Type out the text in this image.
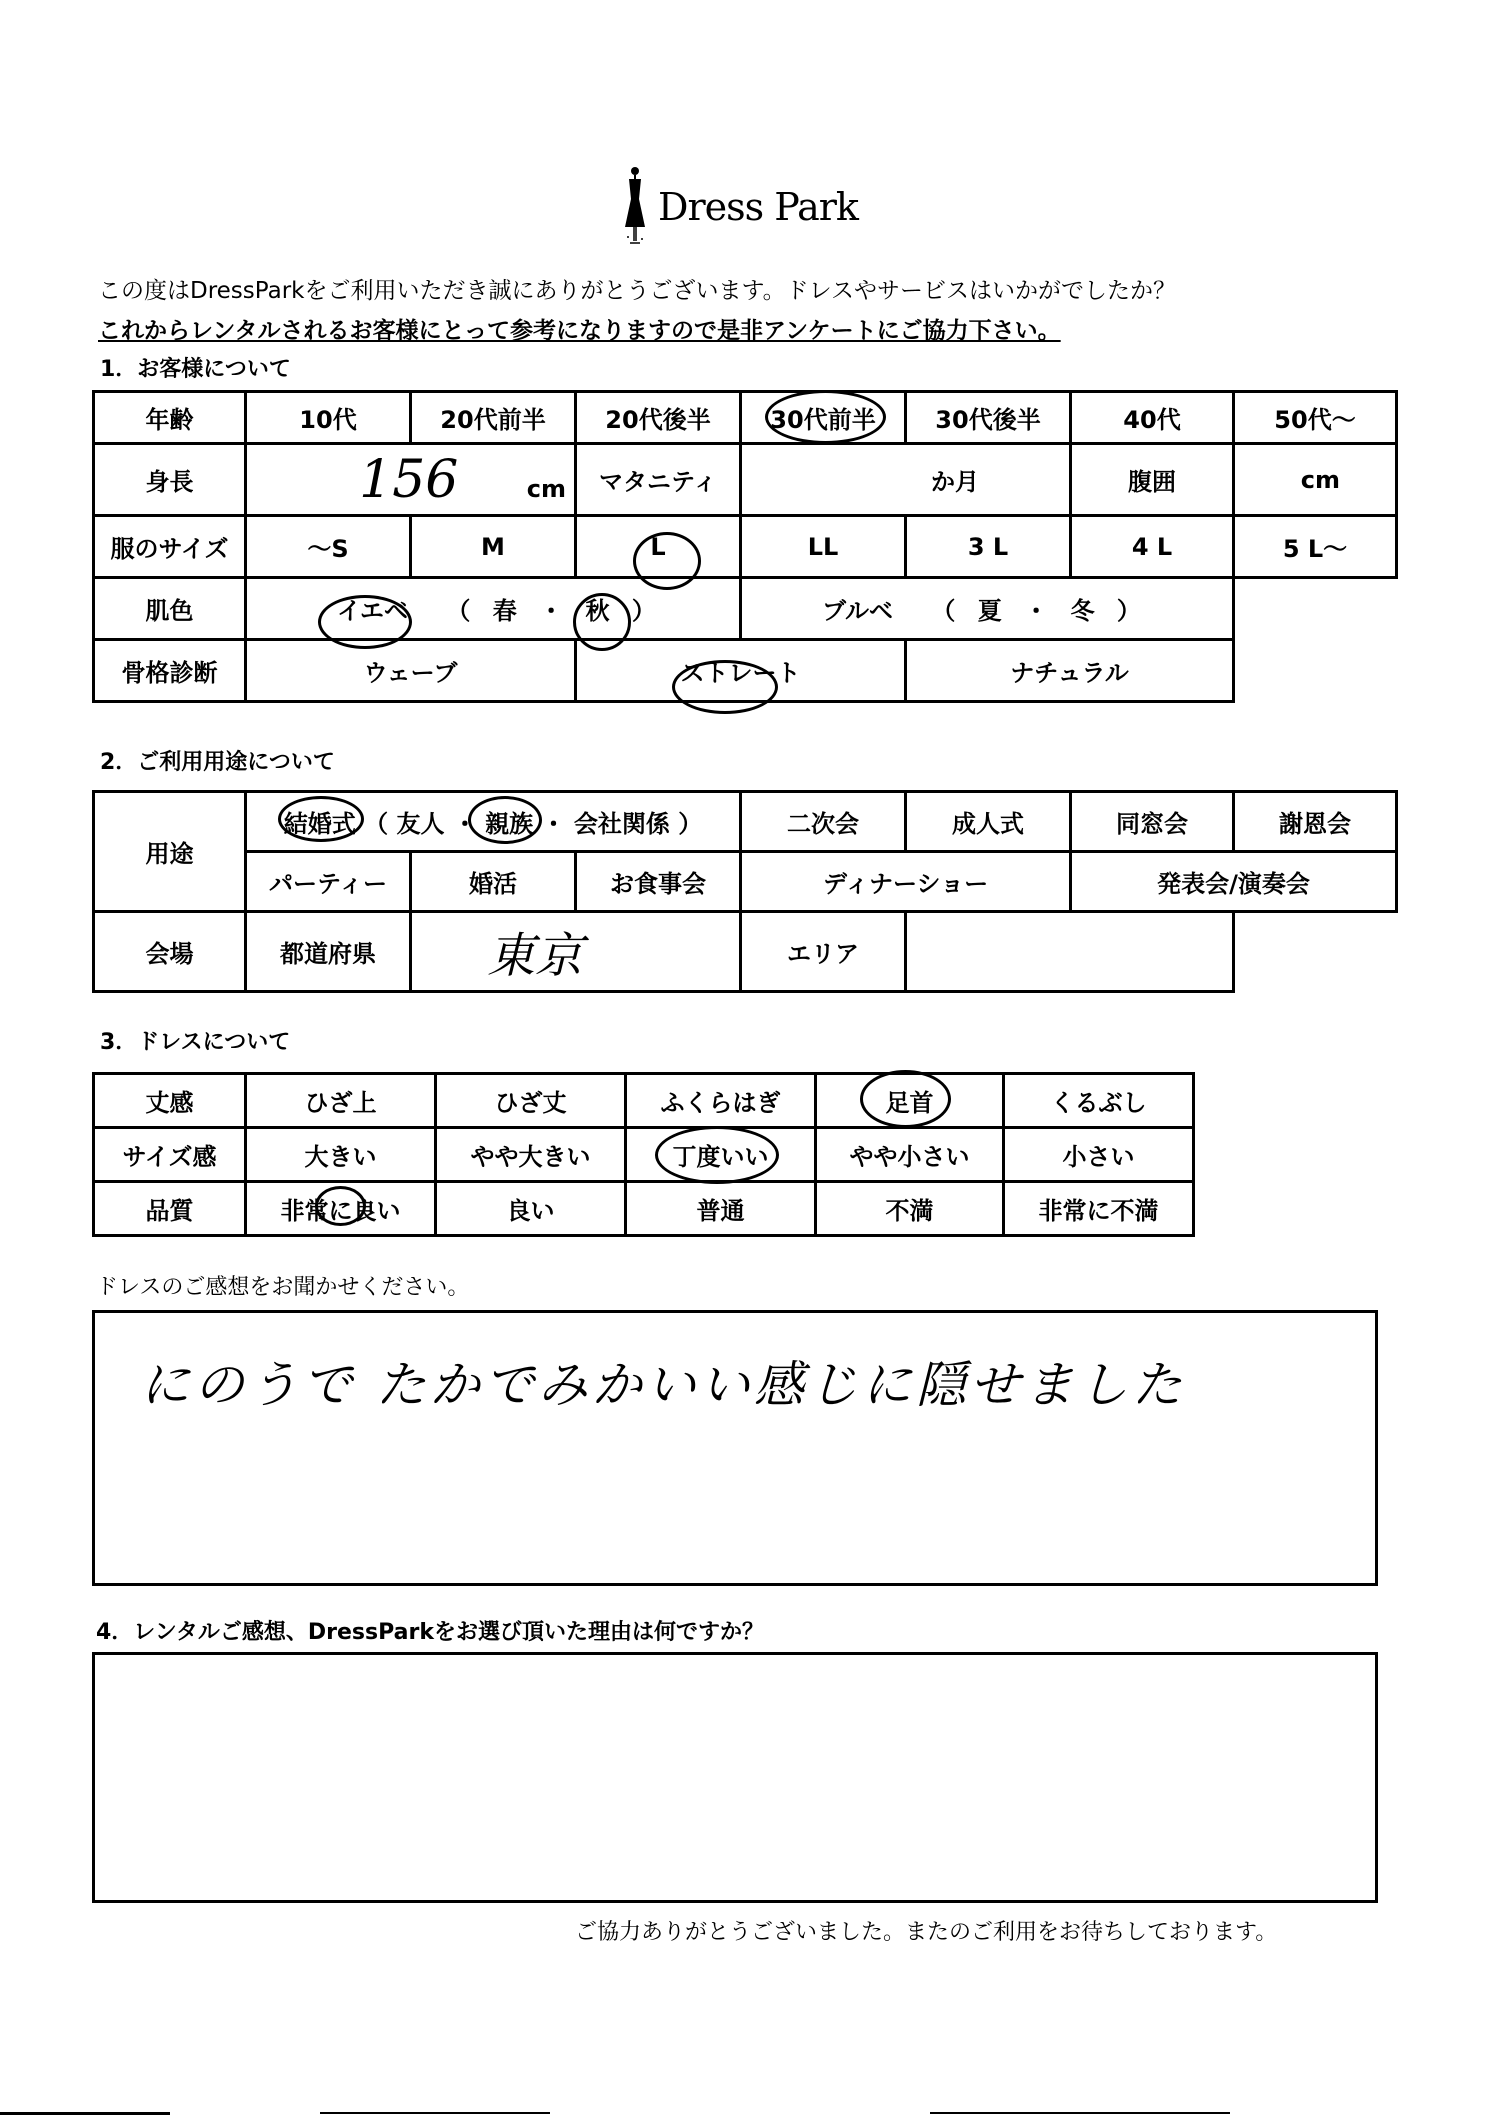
Dress Park
この度はDressParkをご利用いただき誠にありがとうございます。ドレスやサービスはいかがでしたか？
これからレンタルされるお客様にとって参考になりますので是非アンケートにご協力下さい。
1．お客様について
年齢	10代	20代前半	20代後半	30代前半	30代後半	40代	50代～
身長	156 cm		マタニティ	か月		腹囲	cm
服のサイズ	～S	M	L	LL	3 L	4 L	5 L～
肌色	イエベ （ 春 ・ 秋 ）			ブルベ （ 夏 ・ 冬 ）			
骨格診断	ウェーブ		ストレート		ナチュラル		
2．ご利用用途について
用途	結婚式 （ 友人 ・ 親族 ・ 会社関係 ）			二次会	成人式	同窓会	謝恩会
	パーティー	婚活	お食事会	ディナーショー		発表会/演奏会	
会場	都道府県	東京		エリア			
3．ドレスについて
丈感	ひざ上	ひざ丈	ふくらはぎ	足首	くるぶし
サイズ感	大きい	やや大きい	丁度いい	やや小さい	小さい
品質	非常に良い	良い	普通	不満	非常に不満
ドレスのご感想をお聞かせください。
にのうで たかでみかいい感じに隠せました
4．レンタルご感想、DressParkをお選び頂いた理由は何ですか？
ご協力ありがとうございました。またのご利用をお待ちしております。
